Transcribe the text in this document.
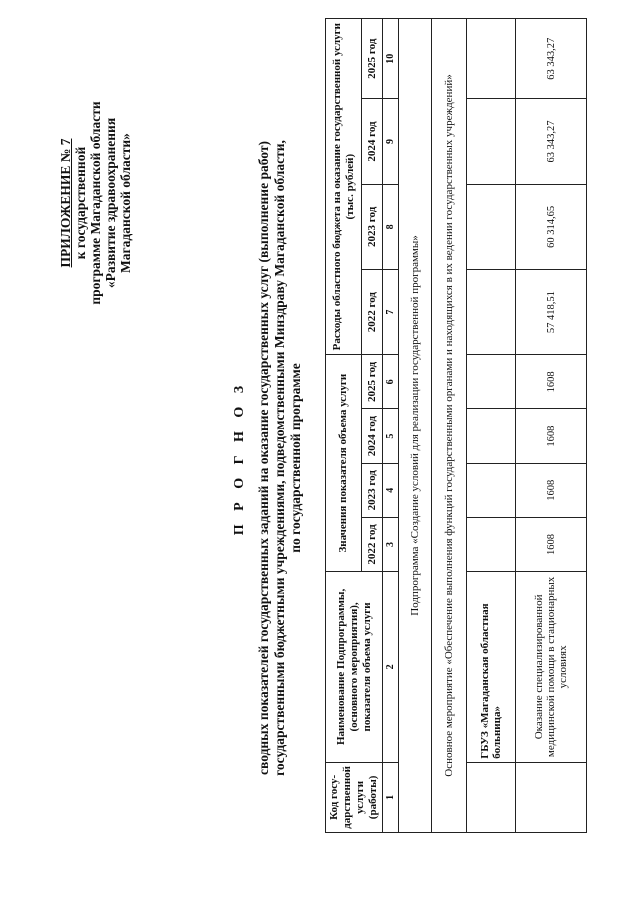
ПРИЛОЖЕНИЕ № 7 к государственной программе Магаданской области «Развитие здравоохранения Магаданской области»
П Р О Г Н О З сводных показателей государственных заданий на оказание государственных услуг (выполнение работ) государственными бюджетными учреждениями, подведомственными Минздраву Магаданской области, по государственной программе
Код госу- дарственной услуги (работы)	Наименование Подпрограммы, (основного мероприятия), показателя объема услуги	Значения показателя объема услуги				Расходы областного бюджета на оказание государственной услуги (тыс. рублей)			
		2022 год	2023 год	2024 год	2025 год	2022 год	2023 год	2024 год	2025 год
1	2	3	4	5	6	7	8	9	10
Подпрограмма «Создание условий для реализации государственной программы»									
Основное мероприятие «Обеспечение выполнения функций государственными органами и находящихся в их ведении государственных учреждений»									
	ГБУЗ «Магаданская областная больница»								
	Оказание специализированной медицинской помощи в стационарных условиях	1608	1608	1608	1608	57 418,51	60 314,65	63 343,27	63 343,27
